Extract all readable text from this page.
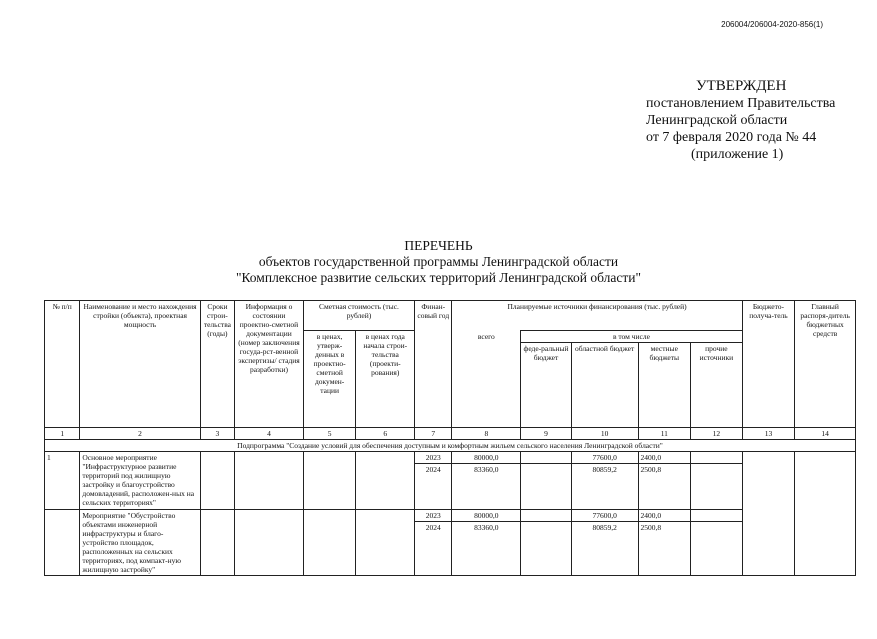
206004/206004-2020-856(1)
УТВЕРЖДЕН
постановлением Правительства
Ленинградской области
от 7 февраля 2020 года № 44
(приложение 1)
ПЕРЕЧЕНЬ
объектов государственной программы Ленинградской области
"Комплексное развитие сельских территорий Ленинградской области"
№ п/п	Наименование и место нахождения стройки (объекта), проектная мощность	Сроки строи-тельства (годы)	Информация о состоянии проектно-сметной документации (номер заключения госуда-рст-венной экспертизы/ стадия разработки)	Сметная стоимость (тыс. рублей)		Финан-совый год	Планируемые источники финансирования (тыс. рублей)					Бюджето-получа-тель	Главный распоря-дитель бюджетных средств
				в ценах, утверж-денных в проектно-сметной докумен-тации	в ценах года начала строи-тельства (проекти-рования)		всего	в том числе					
								феде-ральный бюджет	областной бюджет	местные бюджеты	прочие источники		
1	2	3	4	5	6	7	8	9	10	11	12	13	14
Подпрограмма "Создание условий для обеспечения доступным и комфортным жильем сельского населения Ленинградской области"													
1	Основное мероприятие "Инфраструктурное развитие территорий под жилищную застройку и благоустройство домовладений, расположен-ных на сельских территориях"					2023	80000,0		77600,0	2400,0			
						2024	83360,0		80859,2	2500,8			
	Мероприятие "Обустройство объектами инженерной инфраструктуры и благо-устройство площадок, расположенных на сельских территориях, под компакт-ную жилищную застройку"					2023	80000,0		77600,0	2400,0			
						2024	83360,0		80859,2	2500,8			
